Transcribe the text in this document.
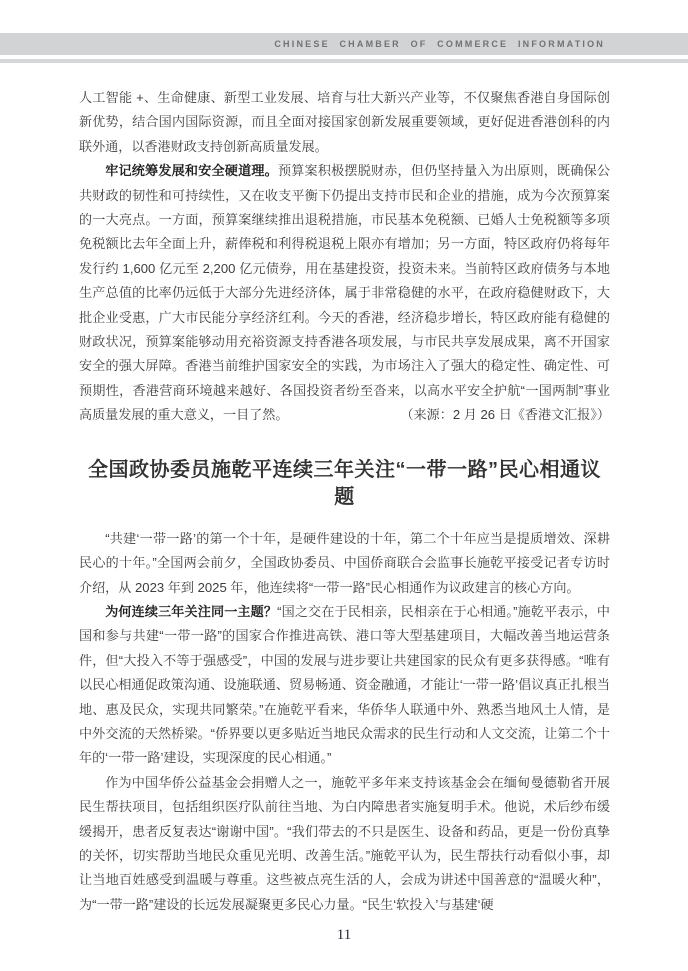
CHINESE CHAMBER OF COMMERCE INFORMATION

人工智能 +、生命健康、新型工业发展、培育与壮大新兴产业等，不仅聚焦香港自身国际创新优势，结合国内国际资源，而且全面对接国家创新发展重要领域，更好促进香港创科的内联外通，以香港财政支持创新高质量发展。

牢记统筹发展和安全硬道理。预算案积极摆脱财赤，但仍坚持量入为出原则，既确保公共财政的韧性和可持续性，又在收支平衡下仍提出支持市民和企业的措施，成为今次预算案的一大亮点。一方面，预算案继续推出退税措施，市民基本免税额、已婚人士免税额等多项免税额比去年全面上升，薪俸税和利得税退税上限亦有增加；另一方面，特区政府仍将每年发行约 1,600 亿元至 2,200 亿元债券，用在基建投资，投资未来。当前特区政府债务与本地生产总值的比率仍远低于大部分先进经济体，属于非常稳健的水平，在政府稳健财政下，大批企业受惠，广大市民能分享经济红利。今天的香港，经济稳步增长，特区政府能有稳健的财政状况，预算案能够动用充裕资源支持香港各项发展，与市民共享发展成果，离不开国家安全的强大屏障。香港当前维护国家安全的实践，为市场注入了强大的稳定性、确定性、可预期性，香港营商环境越来越好、各国投资者纷至沓来，以高水平安全护航“一国两制”事业高质量发展的重大意义，一目了然。	（来源：2 月 26 日《香港文汇报》）

全国政协委员施乾平连续三年关注“一带一路”民心相通议题

“共建‘一带一路’的第一个十年，是硬件建设的十年，第二个十年应当是提质增效、深耕民心的十年。”全国两会前夕，全国政协委员、中国侨商联合会监事长施乾平接受记者专访时介绍，从 2023 年到 2025 年，他连续将“一带一路”民心相通作为议政建言的核心方向。

为何连续三年关注同一主题？“国之交在于民相亲，民相亲在于心相通。”施乾平表示，中国和参与共建“一带一路”的国家合作推进高铁、港口等大型基建项目，大幅改善当地运营条件，但“大投入不等于强感受”，中国的发展与进步要让共建国家的民众有更多获得感。“唯有以民心相通促政策沟通、设施联通、贸易畅通、资金融通，才能让‘一带一路’倡议真正扎根当地、惠及民众，实现共同繁荣。”在施乾平看来，华侨华人联通中外、熟悉当地风土人情，是中外交流的天然桥梁。“侨界要以更多贴近当地民众需求的民生行动和人文交流，让第二个十年的‘一带一路’建设，实现深度的民心相通。”

作为中国华侨公益基金会捐赠人之一，施乾平多年来支持该基金会在缅甸曼德勒省开展民生帮扶项目，包括组织医疗队前往当地、为白内障患者实施复明手术。他说，术后纱布缓缓揭开，患者反复表达“谢谢中国”。“我们带去的不只是医生、设备和药品，更是一份份真挚的关怀，切实帮助当地民众重见光明、改善生活。”施乾平认为，民生帮扶行动看似小事，却让当地百姓感受到温暖与尊重。这些被点亮生活的人，会成为讲述中国善意的“温暖火种”，为“一带一路”建设的长远发展凝聚更多民心力量。“民生‘软投入’与基建‘硬

11
